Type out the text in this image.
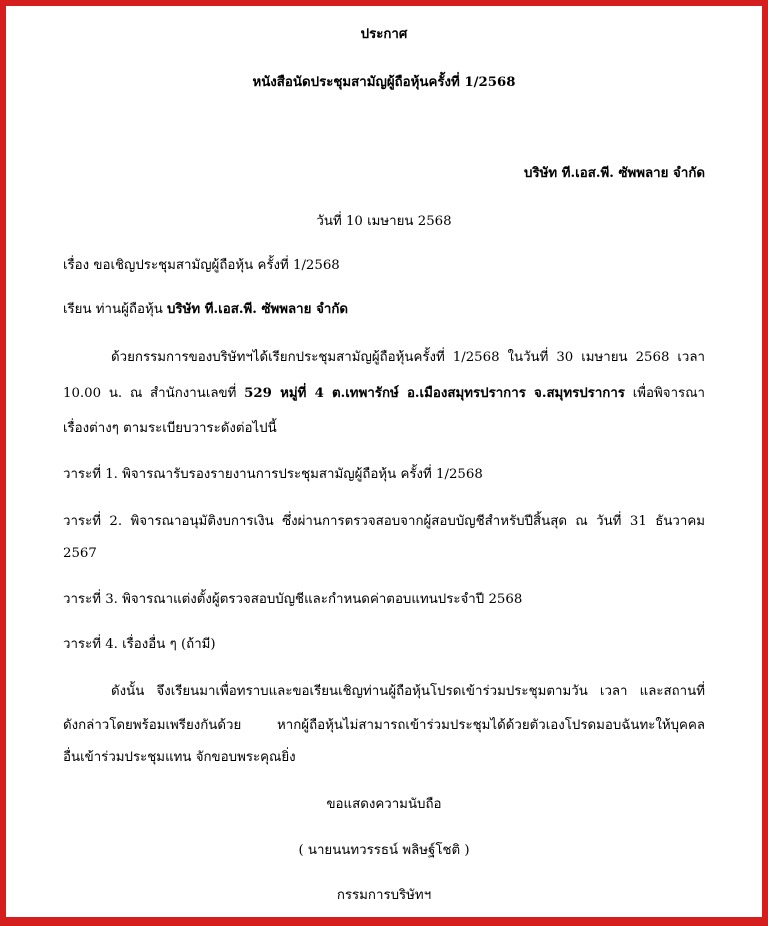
ประกาศ
หนังสือนัดประชุมสามัญผู้ถือหุ้นครั้งที่ 1/2568
บริษัท ที.เอส.พี. ซัพพลาย จำกัด
วันที่ 10 เมษายน 2568
เรื่อง ขอเชิญประชุมสามัญผู้ถือหุ้น ครั้งที่ 1/2568
เรียน ท่านผู้ถือหุ้น บริษัท ที.เอส.พี. ซัพพลาย จำกัด
ด้วยกรรมการของบริษัทฯได้เรียกประชุมสามัญผู้ถือหุ้นครั้งที่ 1/2568 ในวันที่ 30 เมษายน 2568 เวลา
10.00 น. ณ สำนักงานเลขที่ 529 หมู่ที่ 4 ต.เทพารักษ์ อ.เมืองสมุทรปราการ จ.สมุทรปราการ เพื่อพิจารณา
เรื่องต่างๆ ตามระเบียบวาระดังต่อไปนี้
วาระที่ 1. พิจารณารับรองรายงานการประชุมสามัญผู้ถือหุ้น ครั้งที่ 1/2568
วาระที่ 2. พิจารณาอนุมัติงบการเงิน ซึ่งผ่านการตรวจสอบจากผู้สอบบัญชีสำหรับปีสิ้นสุด ณ วันที่ 31 ธันวาคม
2567
วาระที่ 3. พิจารณาแต่งตั้งผู้ตรวจสอบบัญชีและกำหนดค่าตอบแทนประจำปี 2568
วาระที่ 4. เรื่องอื่น ๆ (ถ้ามี)
ดังนั้น จึงเรียนมาเพื่อทราบและขอเรียนเชิญท่านผู้ถือหุ้นโปรดเข้าร่วมประชุมตามวัน เวลา และสถานที่
ดังกล่าวโดยพร้อมเพรียงกันด้วย หากผู้ถือหุ้นไม่สามารถเข้าร่วมประชุมได้ด้วยตัวเองโปรดมอบฉันทะให้บุคคล
อื่นเข้าร่วมประชุมแทน จักขอบพระคุณยิ่ง
ขอแสดงความนับถือ
( นายนนทวรรธน์ พลิษฐ์โชติ )
กรรมการบริษัทฯ
